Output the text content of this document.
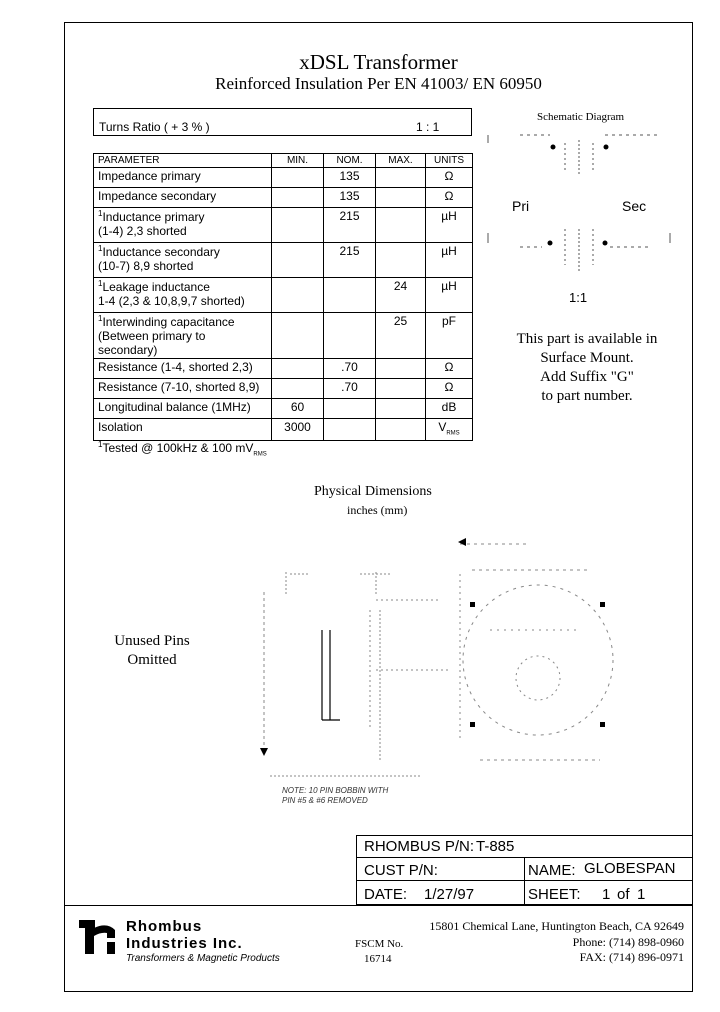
xDSL Transformer
Reinforced Insulation Per EN 41003/ EN 60950
Turns Ratio ( + 3 % )	1 : 1
PARAMETER	MIN.	NOM.	MAX.	UNITS
Impedance primary		135		Ω
Impedance secondary		135		Ω
$^1$Inductance primary
(1-4) 2,3 shorted		215		µH
$^1$Inductance secondary
(10-7) 8,9 shorted		215		µH
$^1$Leakage inductance
1-4 (2,3 & 10,8,9,7 shorted)			24	µH
$^1$Interwinding capacitance
(Between primary to secondary)			25	pF
Resistance (1-4, shorted 2,3)		.70		Ω
Resistance (7-10, shorted 8,9)		.70		Ω
Longitudinal balance (1MHz)	60			dB
Isolation	3000			$V_{RMS}$
$^1$Tested @ 100kHz & 100 $mV_{RMS}$
Schematic Diagram
Pri	Sec
1:1
This part is available in
Surface Mount.
Add Suffix "G"
to part number.
Physical Dimensions
inches (mm)
Unused Pins
Omitted
NOTE: 10 PIN BOBBIN WITH
PIN #5 & #6 REMOVED
RHOMBUS P/N: T-885
CUST P/N:	NAME: GLOBESPAN
DATE: 1/27/97	SHEET: 1 of 1
Rhombus
Industries Inc.
Transformers & Magnetic Products
FSCM No.
16714
15801 Chemical Lane, Huntington Beach, CA 92649
Phone: (714) 898-0960
FAX: (714) 896-0971
